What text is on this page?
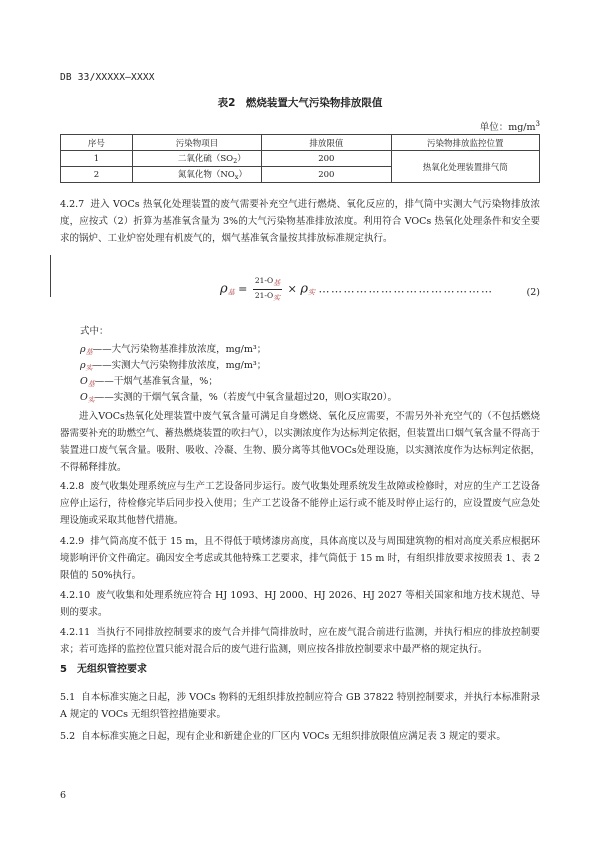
DB 33/XXXXX—XXXX
表2　燃烧装置大气污染物排放限值
单位：$mg/m^3$
序号	污染物项目	排放限值	污染物排放监控位置
1	二氧化硫$(SO_2)$	200	热氧化处理装置排气筒
2	氮氧化物$(NO_x)$	200	
4.2.7 进入 VOCs 热氧化处理装置的废气需要补充空气进行燃烧、氧化反应的，排气筒中实测大气污染物排放浓度，应按式（2）折算为基准氧含量为 3%的大气污染物基准排放浓度。利用符合 VOCs 热氧化处理条件和安全要求的锅炉、工业炉窑处理有机废气的，烟气基准氧含量按其排放标准规定执行。
$\rho_基 = \frac{\text{21-O基}}{\text{21-O实}} \times \rho_实$ ……………………………………	(2)
式中：
$\rho_基——$大气污染物基准排放浓度，mg/m³；
$\rho_实——$实测大气污染物排放浓度，mg/m³；
$O_基——$干烟气基准氧含量，%；
$O_实——$实测的干烟气氧含量，%（若废气中氧含量超过20，则O实取20）。
进入VOCs热氧化处理装置中废气氧含量可满足自身燃烧、氧化反应需要，不需另外补充空气的（不包括燃烧器需要补充的助燃空气、蓄热燃烧装置的吹扫气），以实测浓度作为达标判定依据，但装置出口烟气氧含量不得高于装置进口废气氧含量。吸附、吸收、冷凝、生物、膜分离等其他VOCs处理设施，以实测浓度作为达标判定依据，不得稀释排放。
4.2.8 废气收集处理系统应与生产工艺设备同步运行。废气收集处理系统发生故障或检修时，对应的生产工艺设备应停止运行，待检修完毕后同步投入使用；生产工艺设备不能停止运行或不能及时停止运行的，应设置废气应急处理设施或采取其他替代措施。
4.2.9 排气筒高度不低于 15 m，且不得低于喷烤漆房高度，具体高度以及与周围建筑物的相对高度关系应根据环境影响评价文件确定。确因安全考虑或其他特殊工艺要求，排气筒低于 15 m 时，有组织排放要求按照表 1、表 2 限值的 50%执行。
4.2.10 废气收集和处理系统应符合 HJ 1093、HJ 2000、HJ 2026、HJ 2027 等相关国家和地方技术规范、导则的要求。
4.2.11 当执行不同排放控制要求的废气合并排气筒排放时，应在废气混合前进行监测，并执行相应的排放控制要求；若可选择的监控位置只能对混合后的废气进行监测，则应按各排放控制要求中最严格的规定执行。
5　无组织管控要求
5.1 自本标准实施之日起，涉 VOCs 物料的无组织排放控制应符合 GB 37822 特别控制要求，并执行本标准附录 A 规定的 VOCs 无组织管控措施要求。
5.2 自本标准实施之日起，现有企业和新建企业的厂区内 VOCs 无组织排放限值应满足表 3 规定的要求。
6
